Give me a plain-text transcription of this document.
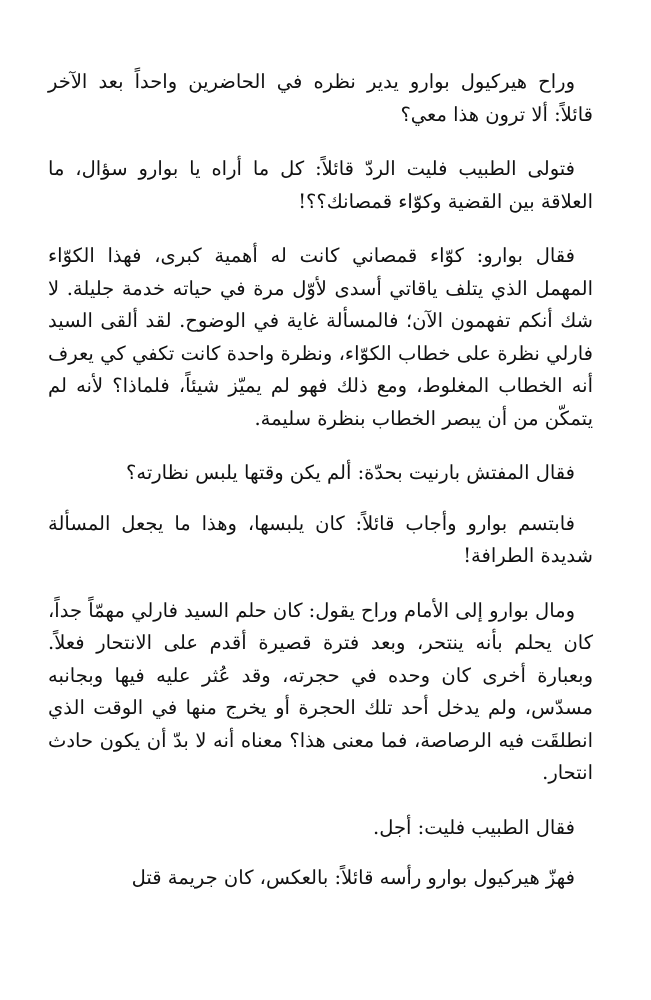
وراح هيركيول بوارو يدير نظره في الحاضرين واحداً بعد الآخر قائلاً: ألا ترون هذا معي؟

فتولى الطبيب فليت الردّ قائلاً: كل ما أراه يا بوارو سؤال، ما العلاقة بين القضية وكوّاء قمصانك؟؟!

فقال بوارو: كوّاء قمصاني كانت له أهمية كبرى، فهذا الكوّاء المهمل الذي يتلف ياقاتي أسدى لأوّل مرة في حياته خدمة جليلة. لا شك أنكم تفهمون الآن؛ فالمسألة غاية في الوضوح. لقد ألقى السيد فارلي نظرة على خطاب الكوّاء، ونظرة واحدة كانت تكفي كي يعرف أنه الخطاب المغلوط، ومع ذلك فهو لم يميّز شيئاً، فلماذا؟ لأنه لم يتمكّن من أن يبصر الخطاب بنظرة سليمة.

فقال المفتش بارنيت بحدّة: ألم يكن وقتها يلبس نظارته؟

فابتسم بوارو وأجاب قائلاً: كان يلبسها، وهذا ما يجعل المسألة شديدة الطرافة!

ومال بوارو إلى الأمام وراح يقول: كان حلم السيد فارلي مهمّاً جداً، كان يحلم بأنه ينتحر، وبعد فترة قصيرة أقدم على الانتحار فعلاً. وبعبارة أخرى كان وحده في حجرته، وقد عُثر عليه فيها وبجانبه مسدّس، ولم يدخل أحد تلك الحجرة أو يخرج منها في الوقت الذي انطلقَت فيه الرصاصة، فما معنى هذا؟ معناه أنه لا بدّ أن يكون حادث انتحار.

فقال الطبيب فليت: أجل.

فهزّ هيركيول بوارو رأسه قائلاً: بالعكس، كان جريمة قتل
